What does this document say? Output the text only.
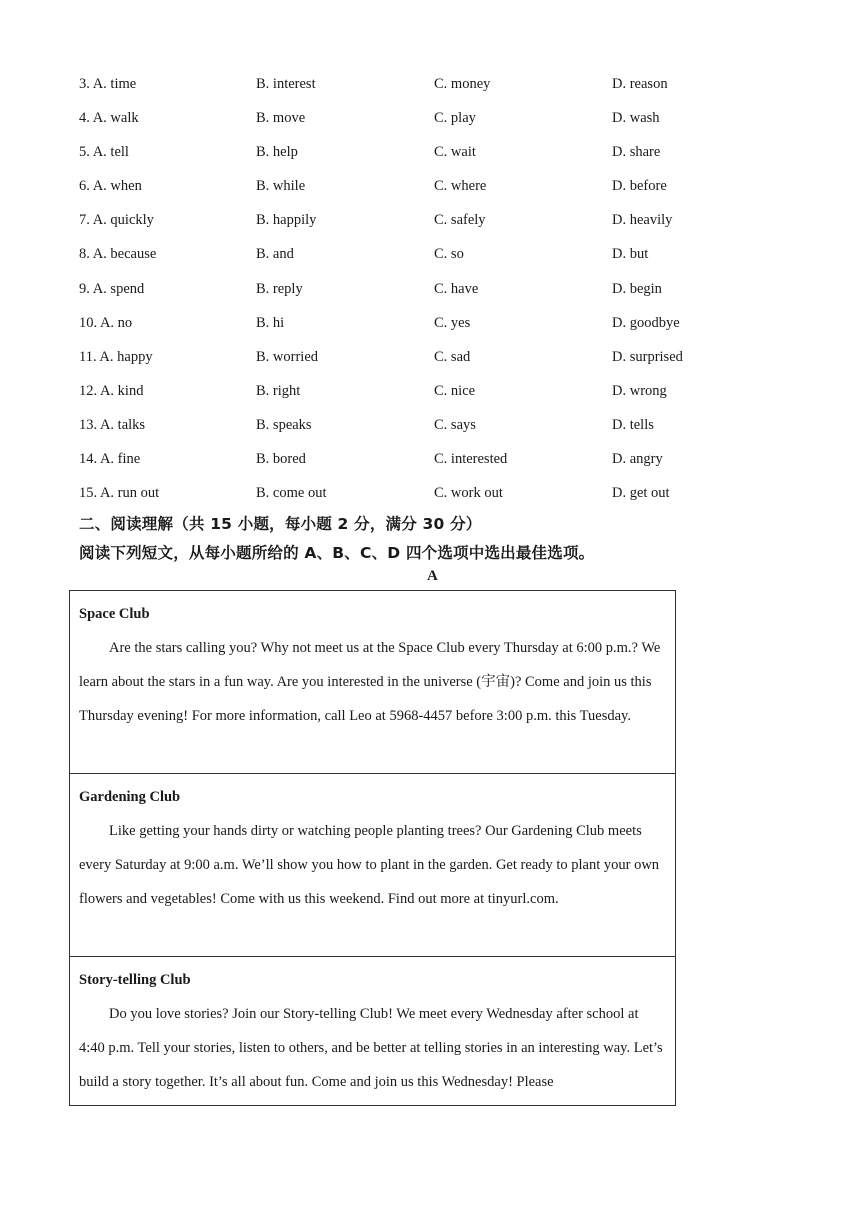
3. A. time	B. interest	C. money	D. reason
4. A. walk	B. move	C. play	D. wash
5. A. tell	B. help	C. wait	D. share
6. A. when	B. while	C. where	D. before
7. A. quickly	B. happily	C. safely	D. heavily
8. A. because	B. and	C. so	D. but
9. A. spend	B. reply	C. have	D. begin
10. A. no	B. hi	C. yes	D. goodbye
11. A. happy	B. worried	C. sad	D. surprised
12. A. kind	B. right	C. nice	D. wrong
13. A. talks	B. speaks	C. says	D. tells
14. A. fine	B. bored	C. interested	D. angry
15. A. run out	B. come out	C. work out	D. get out
二、阅读理解（共 15 小题，每小题 2 分，满分 30 分）
阅读下列短文，从每小题所给的 A、B、C、D 四个选项中选出最佳选项。
A
Space Club
Are the stars calling you? Why not meet us at the Space Club every Thursday at 6:00 p.m.? We learn about the stars in a fun way. Are you interested in the universe (宇宙)? Come and join us this Thursday evening! For more information, call Leo at 5968-4457 before 3:00 p.m. this Tuesday.
Gardening Club
Like getting your hands dirty or watching people planting trees? Our Gardening Club meets every Saturday at 9:00 a.m. We’ll show you how to plant in the garden. Get ready to plant your own flowers and vegetables! Come with us this weekend. Find out more at tinyurl.com.
Story-telling Club
Do you love stories? Join our Story-telling Club! We meet every Wednesday after school at 4:40 p.m. Tell your stories, listen to others, and be better at telling stories in an interesting way. Let’s build a story together. It’s all about fun. Come and join us this Wednesday! Please
